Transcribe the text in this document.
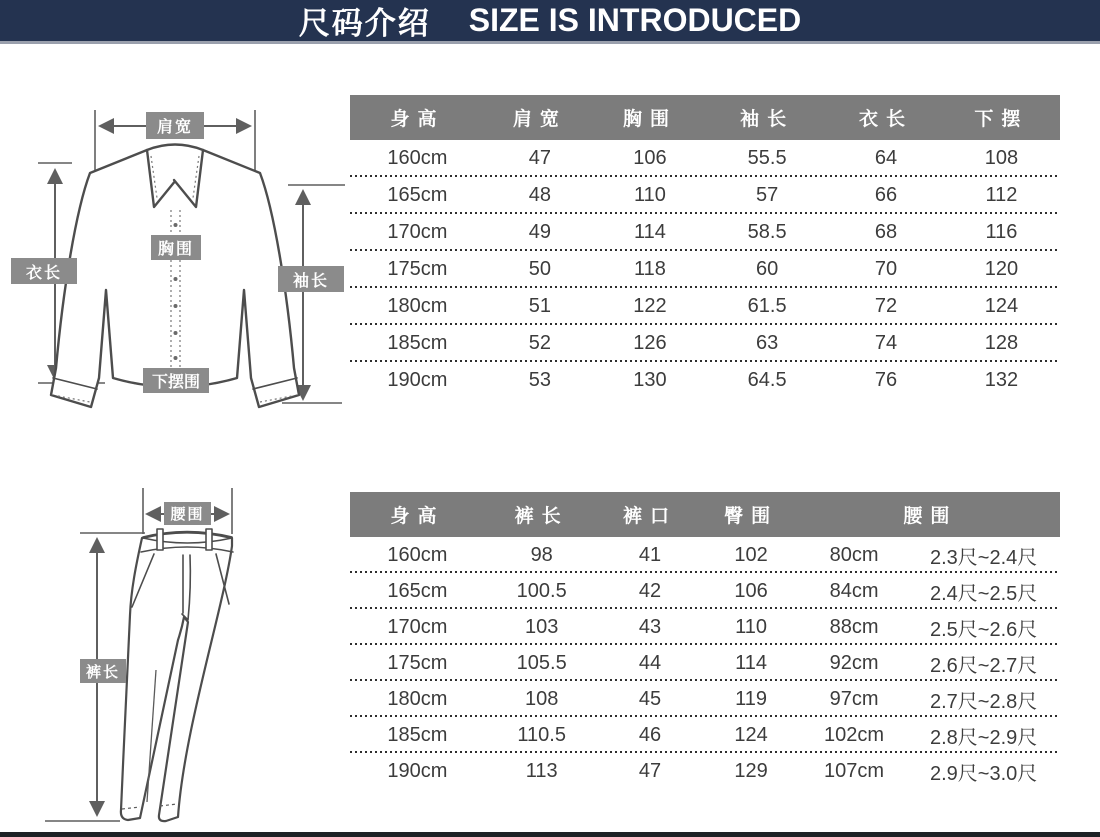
尺码介绍 SIZE IS INTRODUCED
肩宽
胸围
衣长	袖长
下摆围
身高	肩宽	胸围	袖长	衣长	下摆
160cm	47	106	55.5	64	108
165cm	48	110	57	66	112
170cm	49	114	58.5	68	116
175cm	50	118	60	70	120
180cm	51	122	61.5	72	124
185cm	52	126	63	74	128
190cm	53	130	64.5	76	132
腰围
裤长
身高	裤长	裤口	臀围	腰围
160cm	98	41	102	80cm	2.3尺~2.4尺
165cm	100.5	42	106	84cm	2.4尺~2.5尺
170cm	103	43	110	88cm	2.5尺~2.6尺
175cm	105.5	44	114	92cm	2.6尺~2.7尺
180cm	108	45	119	97cm	2.7尺~2.8尺
185cm	110.5	46	124	102cm	2.8尺~2.9尺
190cm	113	47	129	107cm	2.9尺~3.0尺
